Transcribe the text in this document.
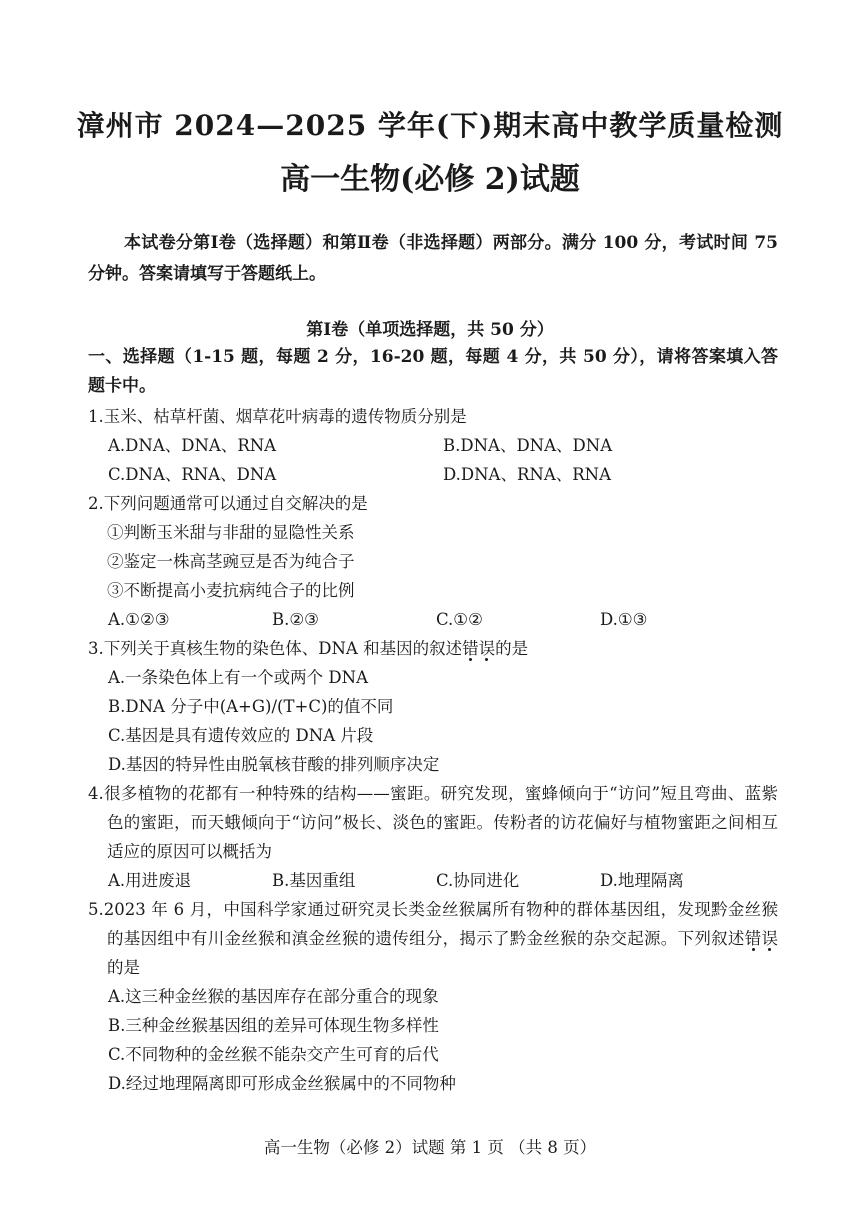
漳州市 2024—2025 学年(下)期末高中教学质量检测
高一生物(必修 2)试题
本试卷分第Ⅰ卷（选择题）和第Ⅱ卷（非选择题）两部分。满分 100 分，考试时间 75 分钟。答案请填写于答题纸上。
第Ⅰ卷（单项选择题，共 50 分）
一、选择题（1-15 题，每题 2 分，16-20 题，每题 4 分，共 50 分），请将答案填入答题卡中。
1.玉米、枯草杆菌、烟草花叶病毒的遗传物质分别是
A.DNA、DNA、RNA	B.DNA、DNA、DNA
C.DNA、RNA、DNA	D.DNA、RNA、RNA
2.下列问题通常可以通过自交解决的是
①判断玉米甜与非甜的显隐性关系
②鉴定一株高茎豌豆是否为纯合子
③不断提高小麦抗病纯合子的比例
A.①②③	B.②③	C.①②	D.①③
3.下列关于真核生物的染色体、DNA 和基因的叙述错误的是
A.一条染色体上有一个或两个 DNA
B.DNA 分子中(A+G)/(T+C)的值不同
C.基因是具有遗传效应的 DNA 片段
D.基因的特异性由脱氧核苷酸的排列顺序决定
4.很多植物的花都有一种特殊的结构——蜜距。研究发现，蜜蜂倾向于“访问”短且弯曲、蓝紫色的蜜距，而天蛾倾向于“访问”极长、淡色的蜜距。传粉者的访花偏好与植物蜜距之间相互适应的原因可以概括为
A.用进废退	B.基因重组	C.协同进化	D.地理隔离
5.2023 年 6 月，中国科学家通过研究灵长类金丝猴属所有物种的群体基因组，发现黔金丝猴的基因组中有川金丝猴和滇金丝猴的遗传组分，揭示了黔金丝猴的杂交起源。下列叙述错误的是
A.这三种金丝猴的基因库存在部分重合的现象
B.三种金丝猴基因组的差异可体现生物多样性
C.不同物种的金丝猴不能杂交产生可育的后代
D.经过地理隔离即可形成金丝猴属中的不同物种
高一生物（必修 2）试题 第 1 页 （共 8 页）
